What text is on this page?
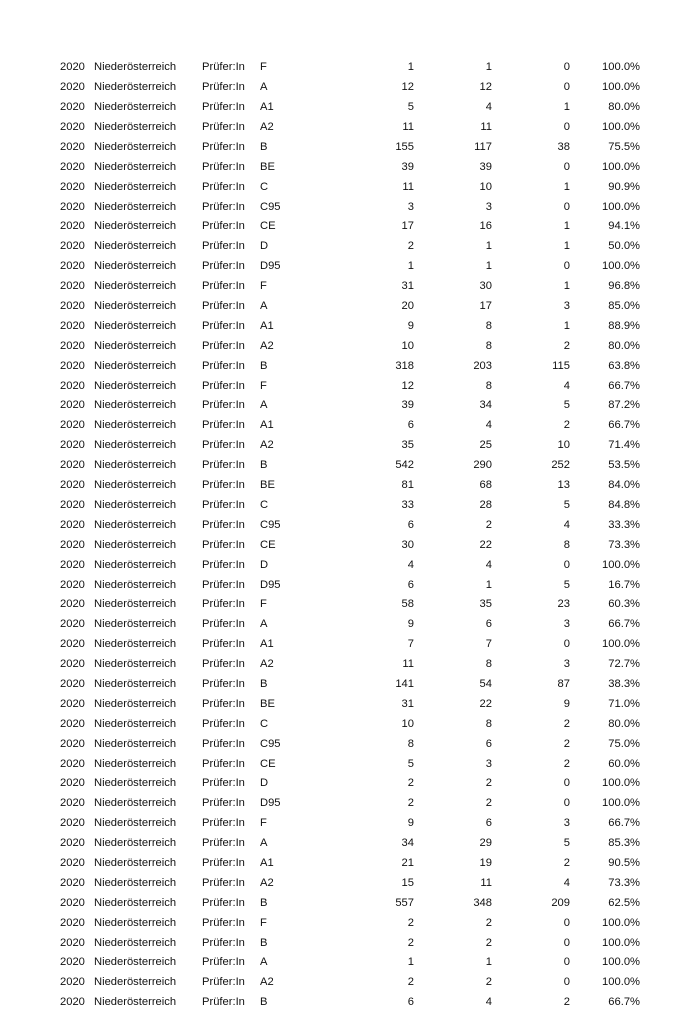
2020	Niederösterreich	Prüfer:In	F	1	1	0	100.0%
2020	Niederösterreich	Prüfer:In	A	12	12	0	100.0%
2020	Niederösterreich	Prüfer:In	A1	5	4	1	80.0%
2020	Niederösterreich	Prüfer:In	A2	11	11	0	100.0%
2020	Niederösterreich	Prüfer:In	B	155	117	38	75.5%
2020	Niederösterreich	Prüfer:In	BE	39	39	0	100.0%
2020	Niederösterreich	Prüfer:In	C	11	10	1	90.9%
2020	Niederösterreich	Prüfer:In	C95	3	3	0	100.0%
2020	Niederösterreich	Prüfer:In	CE	17	16	1	94.1%
2020	Niederösterreich	Prüfer:In	D	2	1	1	50.0%
2020	Niederösterreich	Prüfer:In	D95	1	1	0	100.0%
2020	Niederösterreich	Prüfer:In	F	31	30	1	96.8%
2020	Niederösterreich	Prüfer:In	A	20	17	3	85.0%
2020	Niederösterreich	Prüfer:In	A1	9	8	1	88.9%
2020	Niederösterreich	Prüfer:In	A2	10	8	2	80.0%
2020	Niederösterreich	Prüfer:In	B	318	203	115	63.8%
2020	Niederösterreich	Prüfer:In	F	12	8	4	66.7%
2020	Niederösterreich	Prüfer:In	A	39	34	5	87.2%
2020	Niederösterreich	Prüfer:In	A1	6	4	2	66.7%
2020	Niederösterreich	Prüfer:In	A2	35	25	10	71.4%
2020	Niederösterreich	Prüfer:In	B	542	290	252	53.5%
2020	Niederösterreich	Prüfer:In	BE	81	68	13	84.0%
2020	Niederösterreich	Prüfer:In	C	33	28	5	84.8%
2020	Niederösterreich	Prüfer:In	C95	6	2	4	33.3%
2020	Niederösterreich	Prüfer:In	CE	30	22	8	73.3%
2020	Niederösterreich	Prüfer:In	D	4	4	0	100.0%
2020	Niederösterreich	Prüfer:In	D95	6	1	5	16.7%
2020	Niederösterreich	Prüfer:In	F	58	35	23	60.3%
2020	Niederösterreich	Prüfer:In	A	9	6	3	66.7%
2020	Niederösterreich	Prüfer:In	A1	7	7	0	100.0%
2020	Niederösterreich	Prüfer:In	A2	11	8	3	72.7%
2020	Niederösterreich	Prüfer:In	B	141	54	87	38.3%
2020	Niederösterreich	Prüfer:In	BE	31	22	9	71.0%
2020	Niederösterreich	Prüfer:In	C	10	8	2	80.0%
2020	Niederösterreich	Prüfer:In	C95	8	6	2	75.0%
2020	Niederösterreich	Prüfer:In	CE	5	3	2	60.0%
2020	Niederösterreich	Prüfer:In	D	2	2	0	100.0%
2020	Niederösterreich	Prüfer:In	D95	2	2	0	100.0%
2020	Niederösterreich	Prüfer:In	F	9	6	3	66.7%
2020	Niederösterreich	Prüfer:In	A	34	29	5	85.3%
2020	Niederösterreich	Prüfer:In	A1	21	19	2	90.5%
2020	Niederösterreich	Prüfer:In	A2	15	11	4	73.3%
2020	Niederösterreich	Prüfer:In	B	557	348	209	62.5%
2020	Niederösterreich	Prüfer:In	F	2	2	0	100.0%
2020	Niederösterreich	Prüfer:In	B	2	2	0	100.0%
2020	Niederösterreich	Prüfer:In	A	1	1	0	100.0%
2020	Niederösterreich	Prüfer:In	A2	2	2	0	100.0%
2020	Niederösterreich	Prüfer:In	B	6	4	2	66.7%
